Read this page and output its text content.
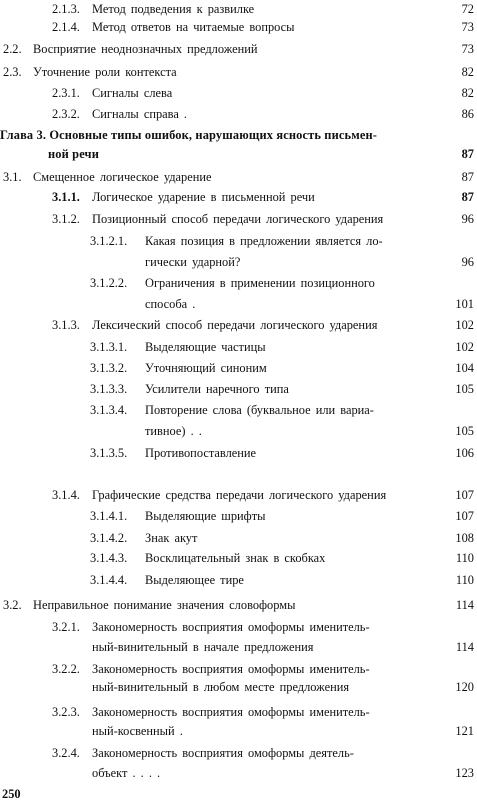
2.1.3. Метод подведения к развилке	72
2.1.4. Метод ответов на читаемые вопросы	73
2.2. Восприятие неоднозначных предложений	73
2.3. Уточнение роли контекста	82
2.3.1. Сигналы слева	82
2.3.2. Сигналы справа .	86
Глава 3. Основные типы ошибок, нарушающих ясность письмен-
ной речи	87
3.1. Смещенное логическое ударение	87
3.1.1. Логическое ударение в письменной речи	87
3.1.2. Позиционный способ передачи логического ударения	96
3.1.2.1. Какая позиция в предложении является ло-
гически ударной?	96
3.1.2.2. Ограничения в применении позиционного
способа .	101
3.1.3. Лексический способ передачи логического ударения	102
3.1.3.1. Выделяющие частицы	102
3.1.3.2. Уточняющий синоним	104
3.1.3.3. Усилители наречного типа	105
3.1.3.4. Повторение слова (буквальное или вариа-
тивное) . .	105
3.1.3.5. Противопоставление	106
3.1.4. Графические средства передачи логического ударения	107
3.1.4.1. Выделяющие шрифты	107
3.1.4.2. Знак акут	108
3.1.4.3. Восклицательный знак в скобках	110
3.1.4.4. Выделяющее тире	110
3.2. Неправильное понимание значения словоформы	114
3.2.1. Закономерность восприятия омоформы именитель-
ный-винительный в начале предложения	114
3.2.2. Закономерность восприятия омоформы именитель-
ный-винительный в любом месте предложения	120
3.2.3. Закономерность восприятия омоформы именитель-
ный-косвенный .	121
3.2.4. Закономерность восприятия омоформы деятель-
объект . . . .	123
250
